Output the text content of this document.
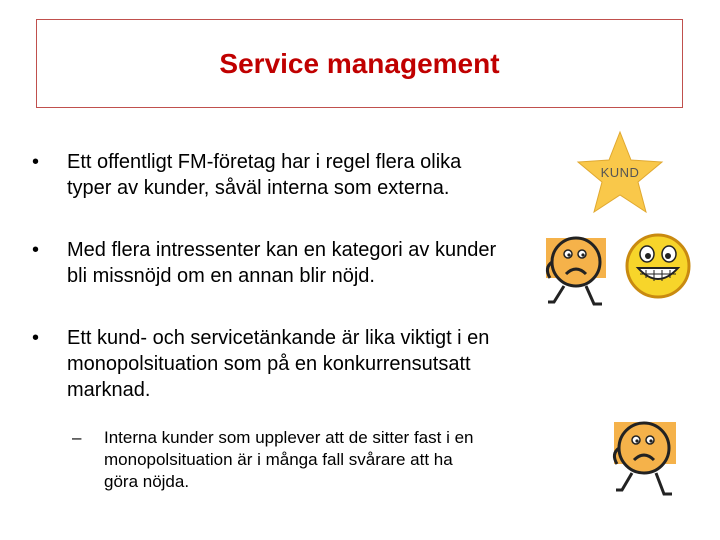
Service management
• Ett offentligt FM-företag har i regel flera olika
typer av kunder, såväl interna som externa.
• Med flera intressenter kan en kategori av kunder
bli missnöjd om en annan blir nöjd.
• Ett kund- och servicetänkande är lika viktigt i en
monopolsituation som på en konkurrensutsatt
marknad.
– Interna kunder som upplever att de sitter fast i en
monopolsituation är i många fall svårare att ha
göra nöjda.
KUND
